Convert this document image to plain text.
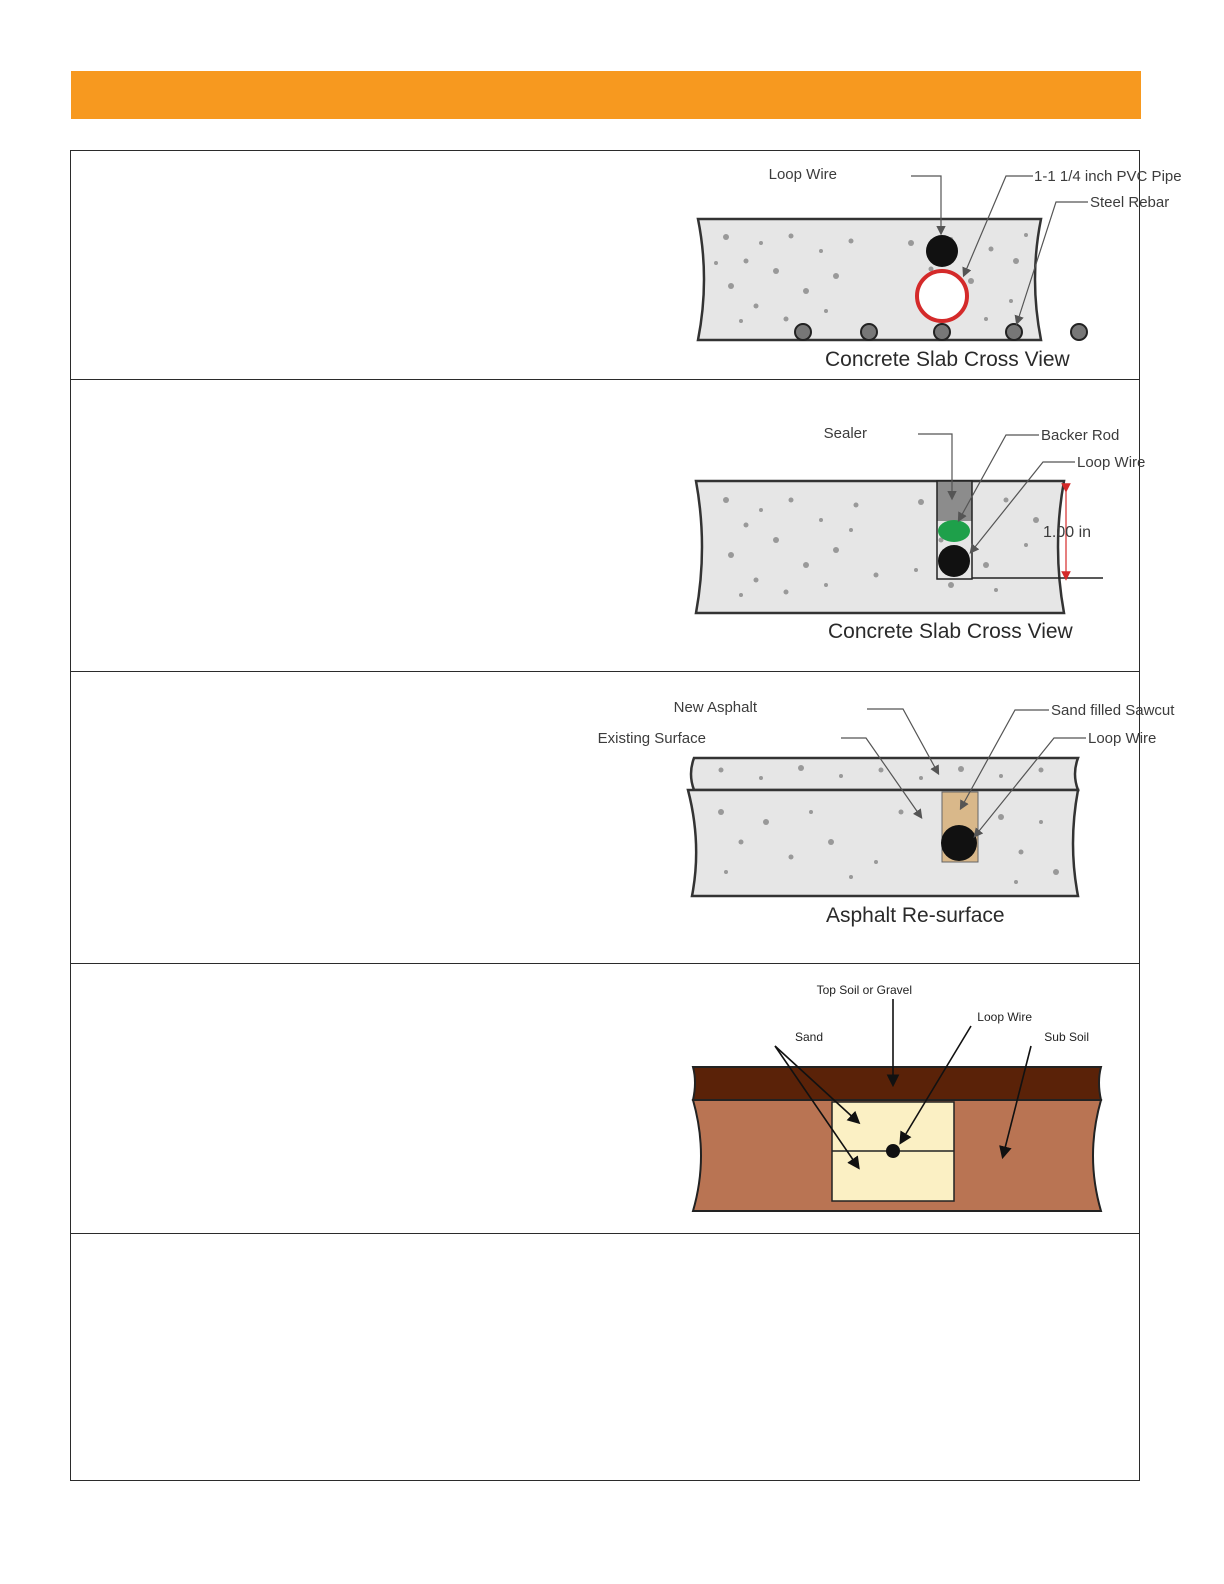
Loop Wire	1-1 1/4 inch PVC Pipe
Steel Rebar
Concrete Slab Cross View
1.00 in
Sealer	Backer Rod
Loop Wire
Concrete Slab Cross View
New Asphalt
Existing Surface
Sand filled Sawcut
Loop Wire
Asphalt Re-surface
Top Soil or Gravel
Loop Wire
Sand	Sub Soil
